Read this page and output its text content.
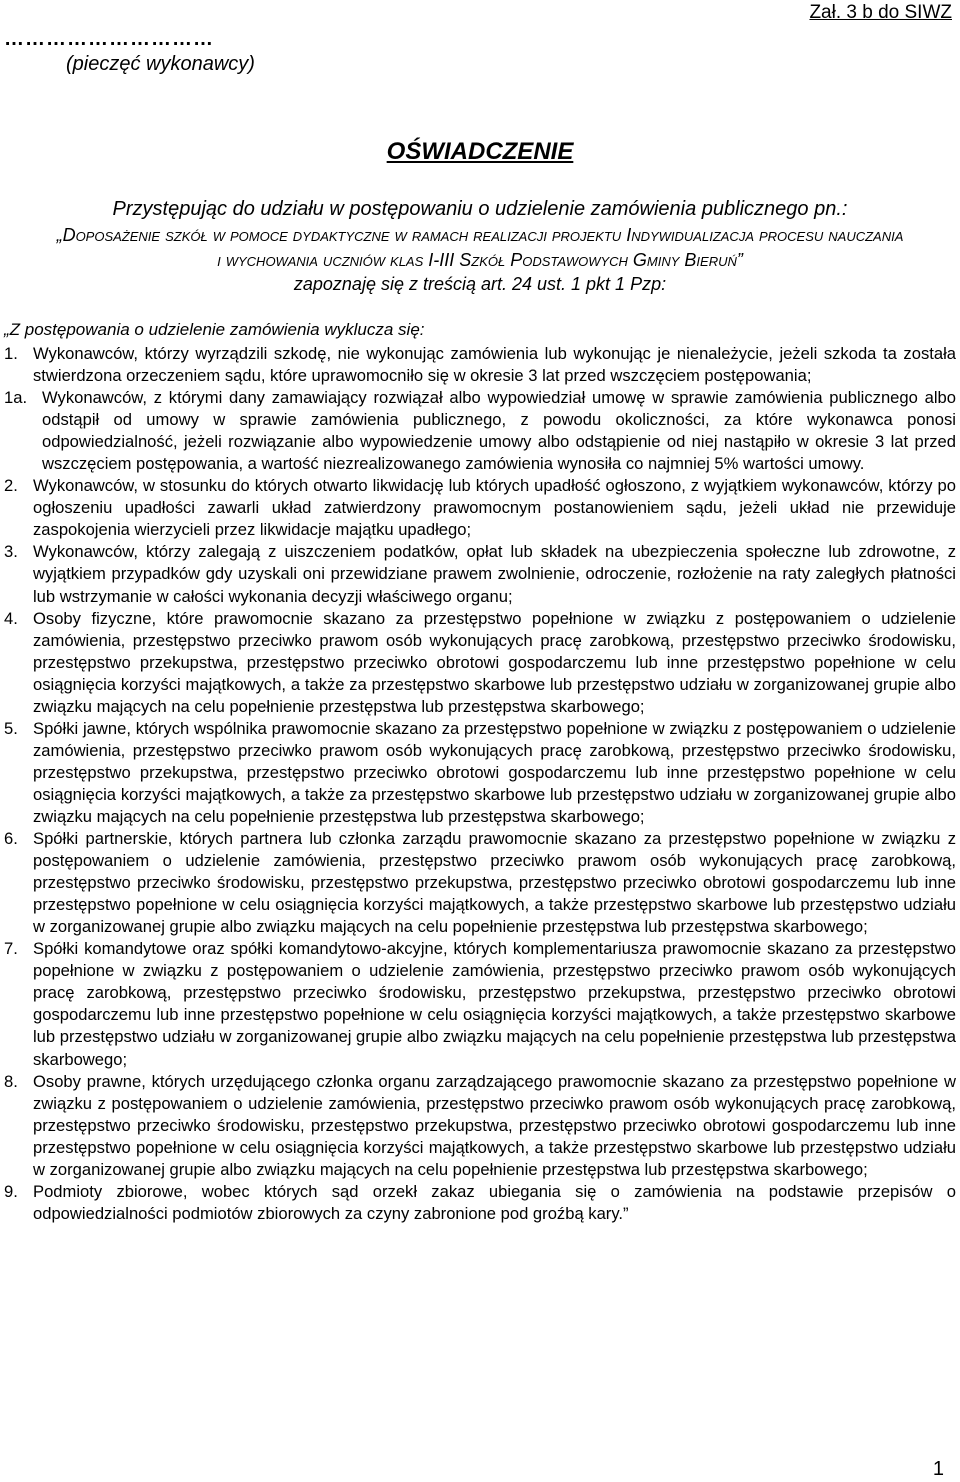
Zał. 3 b do SIWZ
…………………………
(pieczęć wykonawcy)
OŚWIADCZENIE
Przystępując do udziału w postępowaniu o udzielenie zamówienia publicznego pn.:
„Doposażenie szkół w pomoce dydaktyczne w ramach realizacji projektu Indywidualizacja procesu nauczania
i wychowania uczniów klas I-III Szkół Podstawowych Gminy Bieruń”
zapoznaję się z treścią art. 24 ust. 1 pkt 1 Pzp:
„Z postępowania o udzielenie zamówienia wyklucza się:
1. Wykonawców, którzy wyrządzili szkodę, nie wykonując zamówienia lub wykonując je nienależycie, jeżeli szkoda ta została stwierdzona orzeczeniem sądu, które uprawomocniło się w okresie 3 lat przed wszczęciem postępowania;
1a. Wykonawców, z którymi dany zamawiający rozwiązał albo wypowiedział umowę w sprawie zamówienia publicznego albo odstąpił od umowy w sprawie zamówienia publicznego, z powodu okoliczności, za które wykonawca ponosi odpowiedzialność, jeżeli rozwiązanie albo wypowiedzenie umowy albo odstąpienie od niej nastąpiło w okresie 3 lat przed wszczęciem postępowania, a wartość niezrealizowanego zamówienia wynosiła co najmniej 5% wartości umowy.
2. Wykonawców, w stosunku do których otwarto likwidację lub których upadłość ogłoszono, z wyjątkiem wykonawców, którzy po ogłoszeniu upadłości zawarli układ zatwierdzony prawomocnym postanowieniem sądu, jeżeli układ nie przewiduje zaspokojenia wierzycieli przez likwidacje majątku upadłego;
3. Wykonawców, którzy zalegają z uiszczeniem podatków, opłat lub składek na ubezpieczenia społeczne lub zdrowotne, z wyjątkiem przypadków gdy uzyskali oni przewidziane prawem zwolnienie, odroczenie, rozłożenie na raty zaległych płatności lub wstrzymanie w całości wykonania decyzji właściwego organu;
4. Osoby fizyczne, które prawomocnie skazano za przestępstwo popełnione w związku z postępowaniem o udzielenie zamówienia, przestępstwo przeciwko prawom osób wykonujących pracę zarobkową, przestępstwo przeciwko środowisku, przestępstwo przekupstwa, przestępstwo przeciwko obrotowi gospodarczemu lub inne przestępstwo popełnione w celu osiągnięcia korzyści majątkowych, a także za przestępstwo skarbowe lub przestępstwo udziału w zorganizowanej grupie albo związku mających na celu popełnienie przestępstwa lub przestępstwa skarbowego;
5. Spółki jawne, których wspólnika prawomocnie skazano za przestępstwo popełnione w związku z postępowaniem o udzielenie zamówienia, przestępstwo przeciwko prawom osób wykonujących pracę zarobkową, przestępstwo przeciwko środowisku, przestępstwo przekupstwa, przestępstwo przeciwko obrotowi gospodarczemu lub inne przestępstwo popełnione w celu osiągnięcia korzyści majątkowych, a także za przestępstwo skarbowe lub przestępstwo udziału w zorganizowanej grupie albo związku mających na celu popełnienie przestępstwa lub przestępstwa skarbowego;
6. Spółki partnerskie, których partnera lub członka zarządu prawomocnie skazano za przestępstwo popełnione w związku z postępowaniem o udzielenie zamówienia, przestępstwo przeciwko prawom osób wykonujących pracę zarobkową, przestępstwo przeciwko środowisku, przestępstwo przekupstwa, przestępstwo przeciwko obrotowi gospodarczemu lub inne przestępstwo popełnione w celu osiągnięcia korzyści majątkowych, a także przestępstwo skarbowe lub przestępstwo udziału w zorganizowanej grupie albo związku mających na celu popełnienie przestępstwa lub przestępstwa skarbowego;
7. Spółki komandytowe oraz spółki komandytowo-akcyjne, których komplementariusza prawomocnie skazano za przestępstwo popełnione w związku z postępowaniem o udzielenie zamówienia, przestępstwo przeciwko prawom osób wykonujących pracę zarobkową, przestępstwo przeciwko środowisku, przestępstwo przekupstwa, przestępstwo przeciwko obrotowi gospodarczemu lub inne przestępstwo popełnione w celu osiągnięcia korzyści majątkowych, a także przestępstwo skarbowe lub przestępstwo udziału w zorganizowanej grupie albo związku mających na celu popełnienie przestępstwa lub przestępstwa skarbowego;
8. Osoby prawne, których urzędującego członka organu zarządzającego prawomocnie skazano za przestępstwo popełnione w związku z postępowaniem o udzielenie zamówienia, przestępstwo przeciwko prawom osób wykonujących pracę zarobkową, przestępstwo przeciwko środowisku, przestępstwo przekupstwa, przestępstwo przeciwko obrotowi gospodarczemu lub inne przestępstwo popełnione w celu osiągnięcia korzyści majątkowych, a także przestępstwo skarbowe lub przestępstwo udziału w zorganizowanej grupie albo związku mających na celu popełnienie przestępstwa lub przestępstwa skarbowego;
9. Podmioty zbiorowe, wobec których sąd orzekł zakaz ubiegania się o zamówienia na podstawie przepisów o odpowiedzialności podmiotów zbiorowych za czyny zabronione pod groźbą kary.”
1
